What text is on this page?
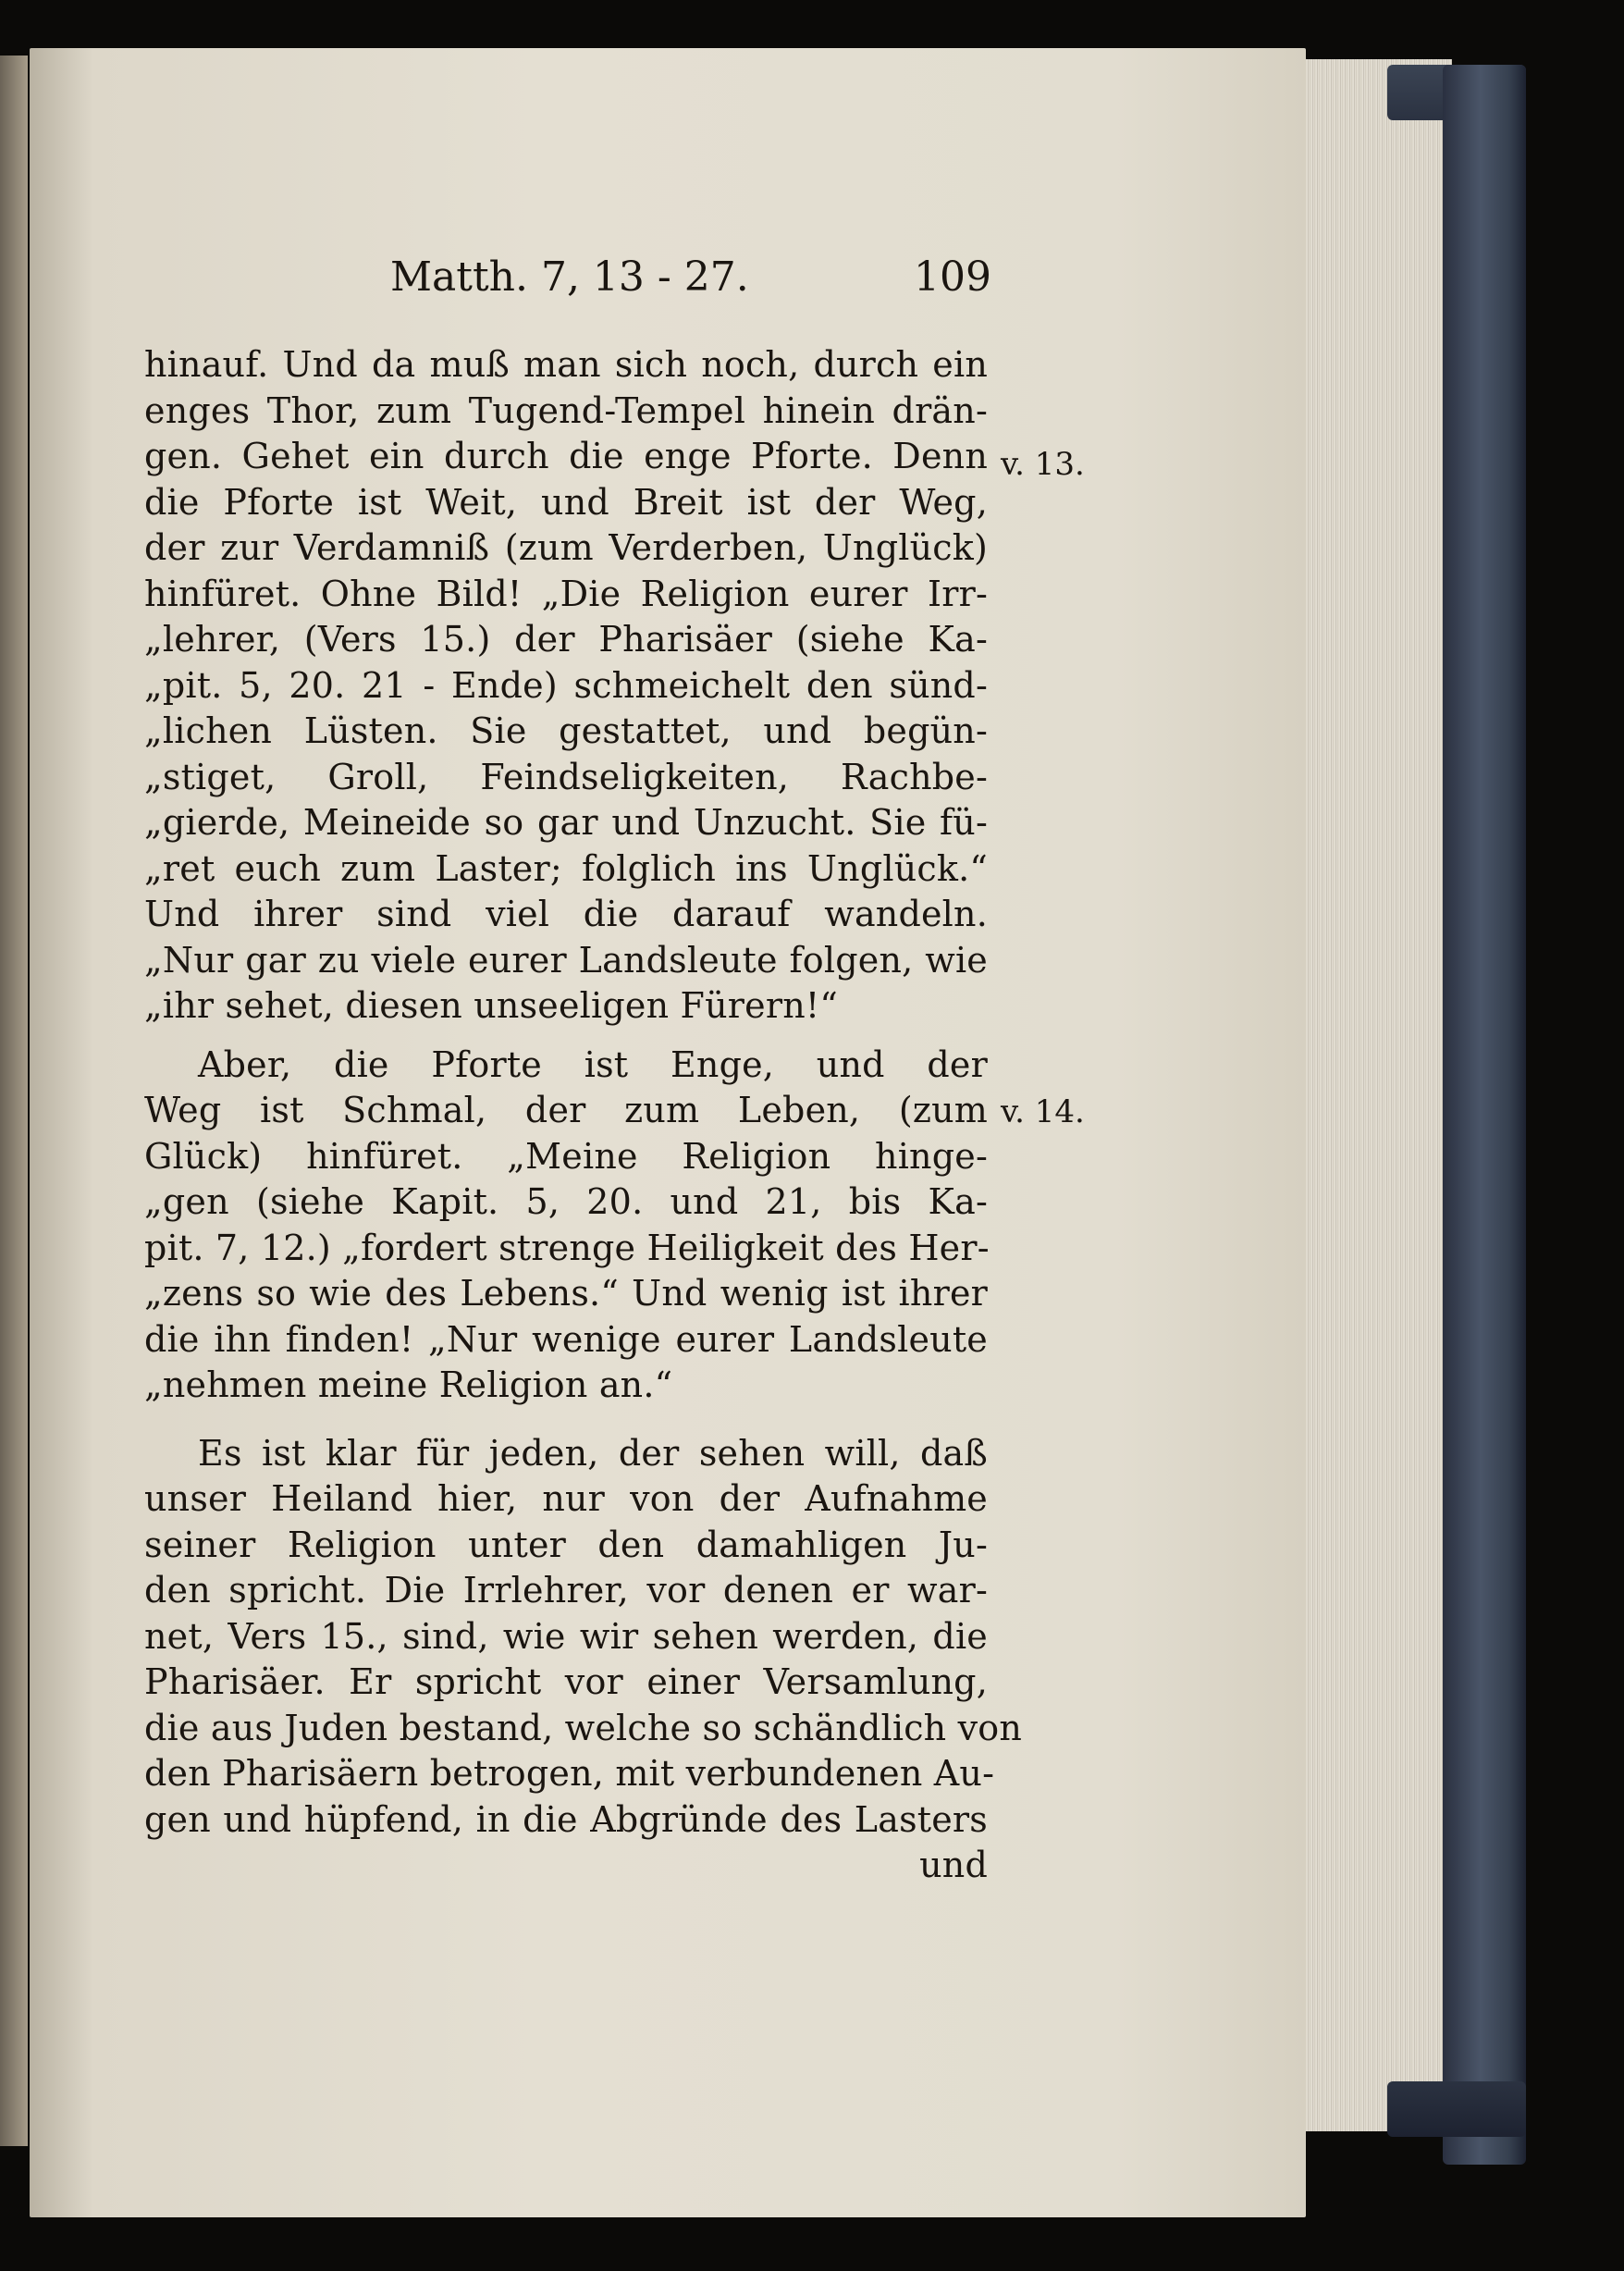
Matth. 7, 13 - 27.	109
hinauf. Und da muß man sich noch, durch ein
enges Thor, zum Tugend-Tempel hinein drän-
gen. Gehet ein durch die enge Pforte. Denn
die Pforte ist Weit, und Breit ist der Weg,
der zur Verdamniß (zum Verderben, Unglück)
hinfüret. Ohne Bild! „Die Religion eurer Irr-
„lehrer, (Vers 15.) der Pharisäer (siehe Ka-
„pit. 5, 20. 21 - Ende) schmeichelt den sünd-
„lichen Lüsten. Sie gestattet, und begün-
„stiget, Groll, Feindseligkeiten, Rachbe-
„gierde, Meineide so gar und Unzucht. Sie fü-
„ret euch zum Laster; folglich ins Unglück.“
Und ihrer sind viel die darauf wandeln.
„Nur gar zu viele eurer Landsleute folgen, wie
„ihr sehet, diesen unseeligen Fürern!“
Aber, die Pforte ist Enge, und der
Weg ist Schmal, der zum Leben, (zum
Glück) hinfüret. „Meine Religion hinge-
„gen (siehe Kapit. 5, 20. und 21, bis Ka-
pit. 7, 12.) „fordert strenge Heiligkeit des Her-
„zens so wie des Lebens.“ Und wenig ist ihrer
die ihn finden! „Nur wenige eurer Landsleute
„nehmen meine Religion an.“
Es ist klar für jeden, der sehen will, daß
unser Heiland hier, nur von der Aufnahme
seiner Religion unter den damahligen Ju-
den spricht. Die Irrlehrer, vor denen er war-
net, Vers 15., sind, wie wir sehen werden, die
Pharisäer. Er spricht vor einer Versamlung,
die aus Juden bestand, welche so schändlich von
den Pharisäern betrogen, mit verbundenen Au-
gen und hüpfend, in die Abgründe des Lasters
und
v. 13.
v. 14.
